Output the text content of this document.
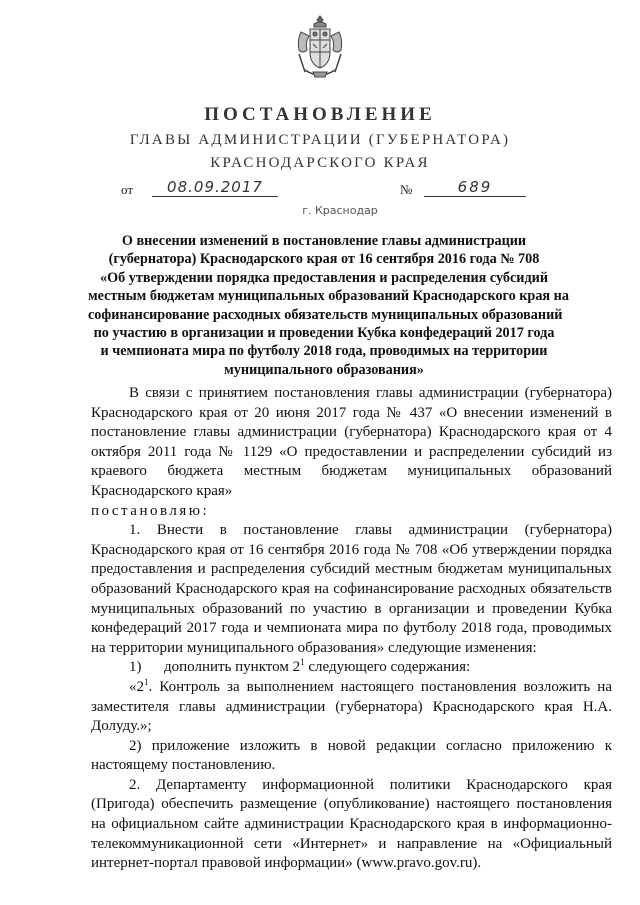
ПОСТАНОВЛЕНИЕ
ГЛАВЫ АДМИНИСТРАЦИИ (ГУБЕРНАТОРА)
КРАСНОДАРСКОГО КРАЯ
от	08.09.2017	№	689
г. Краснодар
О внесении изменений в постановление главы администрации
(губернатора) Краснодарского края от 16 сентября 2016 года № 708
«Об утверждении порядка предоставления и распределения субсидий
местным бюджетам муниципальных образований Краснодарского края на
софинансирование расходных обязательств муниципальных образований
по участию в организации и проведении Кубка конфедераций 2017 года
и чемпионата мира по футболу 2018 года, проводимых на территории
муниципального образования»

В связи с принятием постановления главы администрации (губернатора) Краснодарского края от 20 июня 2017 года № 437 «О внесении изменений в постановление главы администрации (губернатора) Краснодарского края от 4 октября 2011 года № 1129 «О предоставлении и распределении субсидий из краевого бюджета местным бюджетам муниципальных образований Краснодарского края»

постановляю:

1. Внести в постановление главы администрации (губернатора) Краснодарского края от 16 сентября 2016 года № 708 «Об утверждении порядка предоставления и распределения субсидий местным бюджетам муниципальных образований Краснодарского края на софинансирование расходных обязательств муниципальных образований по участию в организации и проведении Кубка конфедераций 2017 года и чемпионата мира по футболу 2018 года, проводимых на территории муниципального образования» следующие изменения:

1)      дополнить пунктом $2^1$ следующего содержания:

«$2^1$. Контроль за выполнением настоящего постановления возложить на заместителя главы администрации (губернатора) Краснодарского края Н.А. Долуду.»;

2) приложение изложить в новой редакции согласно приложению к настоящему постановлению.

2. Департаменту информационной политики Краснодарского края (Пригода) обеспечить размещение (опубликование) настоящего постановления на официальном сайте администрации Краснодарского края в информационно-телекоммуникационной сети «Интернет» и направление на «Официальный интернет-портал правовой информации» (www.pravo.gov.ru).
